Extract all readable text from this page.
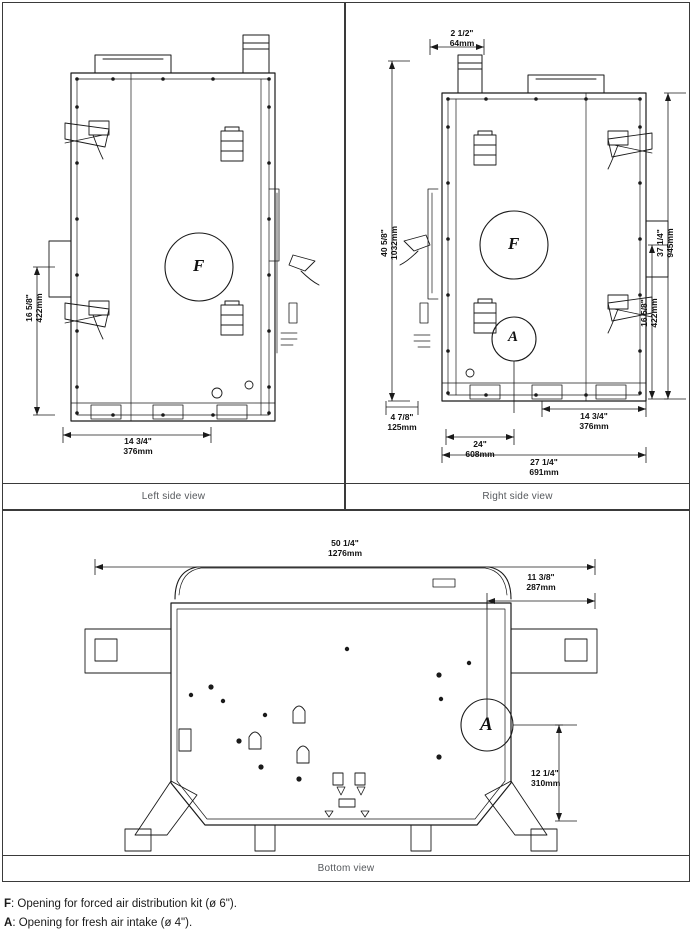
F
16 5/8"
422mm
14 3/4"
376mm
Left side view
F
A
2 1/2"
64mm
40 5/8"
1032mm	37 1/4"
945mm
16 5/8"
422mm
4 7/8"
125mm
24"
608mm
14 3/4"
376mm
27 1/4"
691mm
Right side view
A
50 1/4"
1276mm
11 3/8"
287mm
12 1/4"
310mm
Bottom view
F: Opening for forced air distribution kit (ø 6").
A: Opening for fresh air intake (ø 4").
